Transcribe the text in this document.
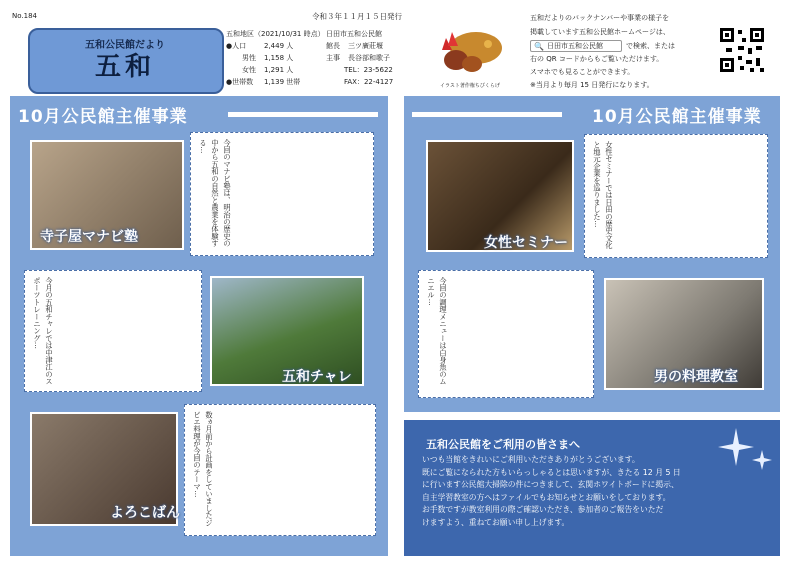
No.184	令和３年１１月１５日発行
五和公民館だより
五和
五和地区（2021/10/31 時点）
●人口	2,449 人
男性 1,158 人
女性 1,291 人
●世帯数 1,139 世帯
日田市五和公民館
館長 三ツ廣莊堰
主事 長谷部和歌子
TEL：23-5622
FAX：22-4127	イラスト著作権ちびくらげ
五和だよりのバックナンバーや事業の様子を
掲載しています五和公民館ホームページは、
🔍 日田市五和公民館	で検索、または
右の QR コードからもご覧いただけます。
スマホでも見ることができます。
※当月より毎月 15 日発行になります。
10月公民館主催事業
寺子屋マナビ塾	今回のマナビ塾は、明治の歴史の中から五和の自然と農業を体験する…
今月の五和チャレでは中津江のスポーツトレーニング…
五和チャレ
よろこばん	数ヵ月前から計画をしていましたジビエ料理が今回のテーマ…
10月公民館主催事業
女性セミナー	女性セミナーでは日田の歴史文化と地元企業を巡りました…
今回の調理メニューは白身魚のムニエル…
男の料理教室
五和公民館をご利用の皆さまへ
いつも当館をきれいにご利用いただきありがとうございます。
既にご覧になられた方もいらっしゃるとは思いますが、きたる 12 月 5 日
に行います公民館大掃除の件につきまして、玄関ホワイトボードに掲示、
自主学習教室の方へはファイルでもお知らせとお願いをしております。
お手数ですが教室利用の際ご確認いただき、参加者のご報告をいただ
けますよう、重ねてお願い申し上げます。
